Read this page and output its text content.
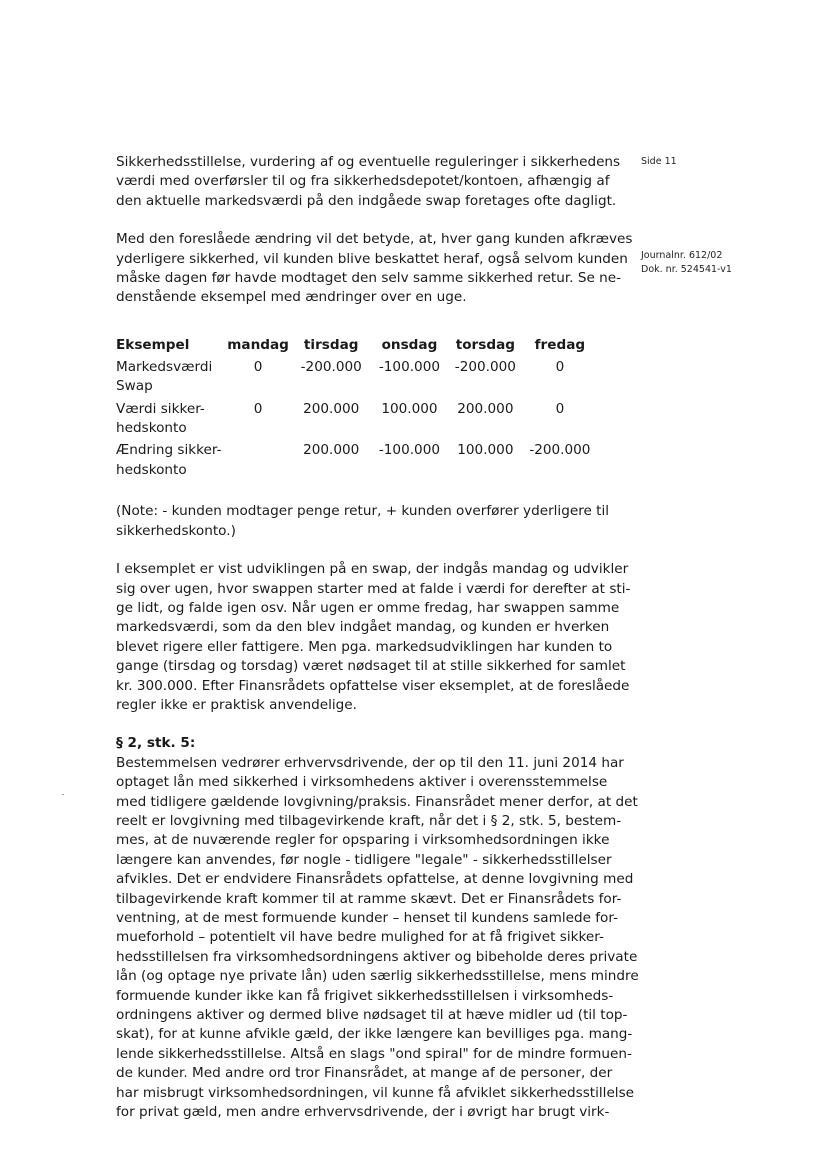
Side 11
Journalnr. 612/02
Dok. nr. 524541-v1

Sikkerhedsstillelse, vurdering af og eventuelle reguleringer i sikkerhedens
værdi med overførsler til og fra sikkerhedsdepotet/kontoen, afhængig af
den aktuelle markedsværdi på den indgåede swap foretages ofte dagligt.

Med den foreslåede ændring vil det betyde, at, hver gang kunden afkræves
yderligere sikkerhed, vil kunden blive beskattet heraf, også selvom kunden
måske dagen før havde modtaget den selv samme sikkerhed retur. Se ne-
denstående eksempel med ændringer over en uge.

Eksempel	mandag	tirsdag	onsdag	torsdag	fredag

Markedsværdi
Swap	0	-200.000	-100.000	-200.000	0

Værdi sikker-
hedskonto	0	200.000	100.000	200.000	0

Ændring sikker-
hedskonto		200.000	-100.000	100.000	-200.000

(Note: - kunden modtager penge retur, + kunden overfører yderligere til
sikkerhedskonto.)

I eksemplet er vist udviklingen på en swap, der indgås mandag og udvikler
sig over ugen, hvor swappen starter med at falde i værdi for derefter at sti-
ge lidt, og falde igen osv. Når ugen er omme fredag, har swappen samme
markedsværdi, som da den blev indgået mandag, og kunden er hverken
blevet rigere eller fattigere. Men pga. markedsudviklingen har kunden to
gange (tirsdag og torsdag) været nødsaget til at stille sikkerhed for samlet
kr. 300.000. Efter Finansrådets opfattelse viser eksemplet, at de foreslåede
regler ikke er praktisk anvendelige.

§ 2, stk. 5:

Bestemmelsen vedrører erhvervsdrivende, der op til den 11. juni 2014 har
optaget lån med sikkerhed i virksomhedens aktiver i overensstemmelse
med tidligere gældende lovgivning/praksis. Finansrådet mener derfor, at det
reelt er lovgivning med tilbagevirkende kraft, når det i § 2, stk. 5, bestem-
mes, at de nuværende regler for opsparing i virksomhedsordningen ikke
længere kan anvendes, før nogle - tidligere "legale" - sikkerhedsstillelser
afvikles. Det er endvidere Finansrådets opfattelse, at denne lovgivning med
tilbagevirkende kraft kommer til at ramme skævt. Det er Finansrådets for-
ventning, at de mest formuende kunder – henset til kundens samlede for-
mueforhold – potentielt vil have bedre mulighed for at få frigivet sikker-
hedsstillelsen fra virksomhedsordningens aktiver og bibeholde deres private
lån (og optage nye private lån) uden særlig sikkerhedsstillelse, mens mindre
formuende kunder ikke kan få frigivet sikkerhedsstillelsen i virksomheds-
ordningens aktiver og dermed blive nødsaget til at hæve midler ud (til top-
skat), for at kunne afvikle gæld, der ikke længere kan bevilliges pga. mang-
lende sikkerhedsstillelse. Altså en slags "ond spiral" for de mindre formuen-
de kunder. Med andre ord tror Finansrådet, at mange af de personer, der
har misbrugt virksomhedsordningen, vil kunne få afviklet sikkerhedsstillelse
for privat gæld, men andre erhvervsdrivende, der i øvrigt har brugt virk-
